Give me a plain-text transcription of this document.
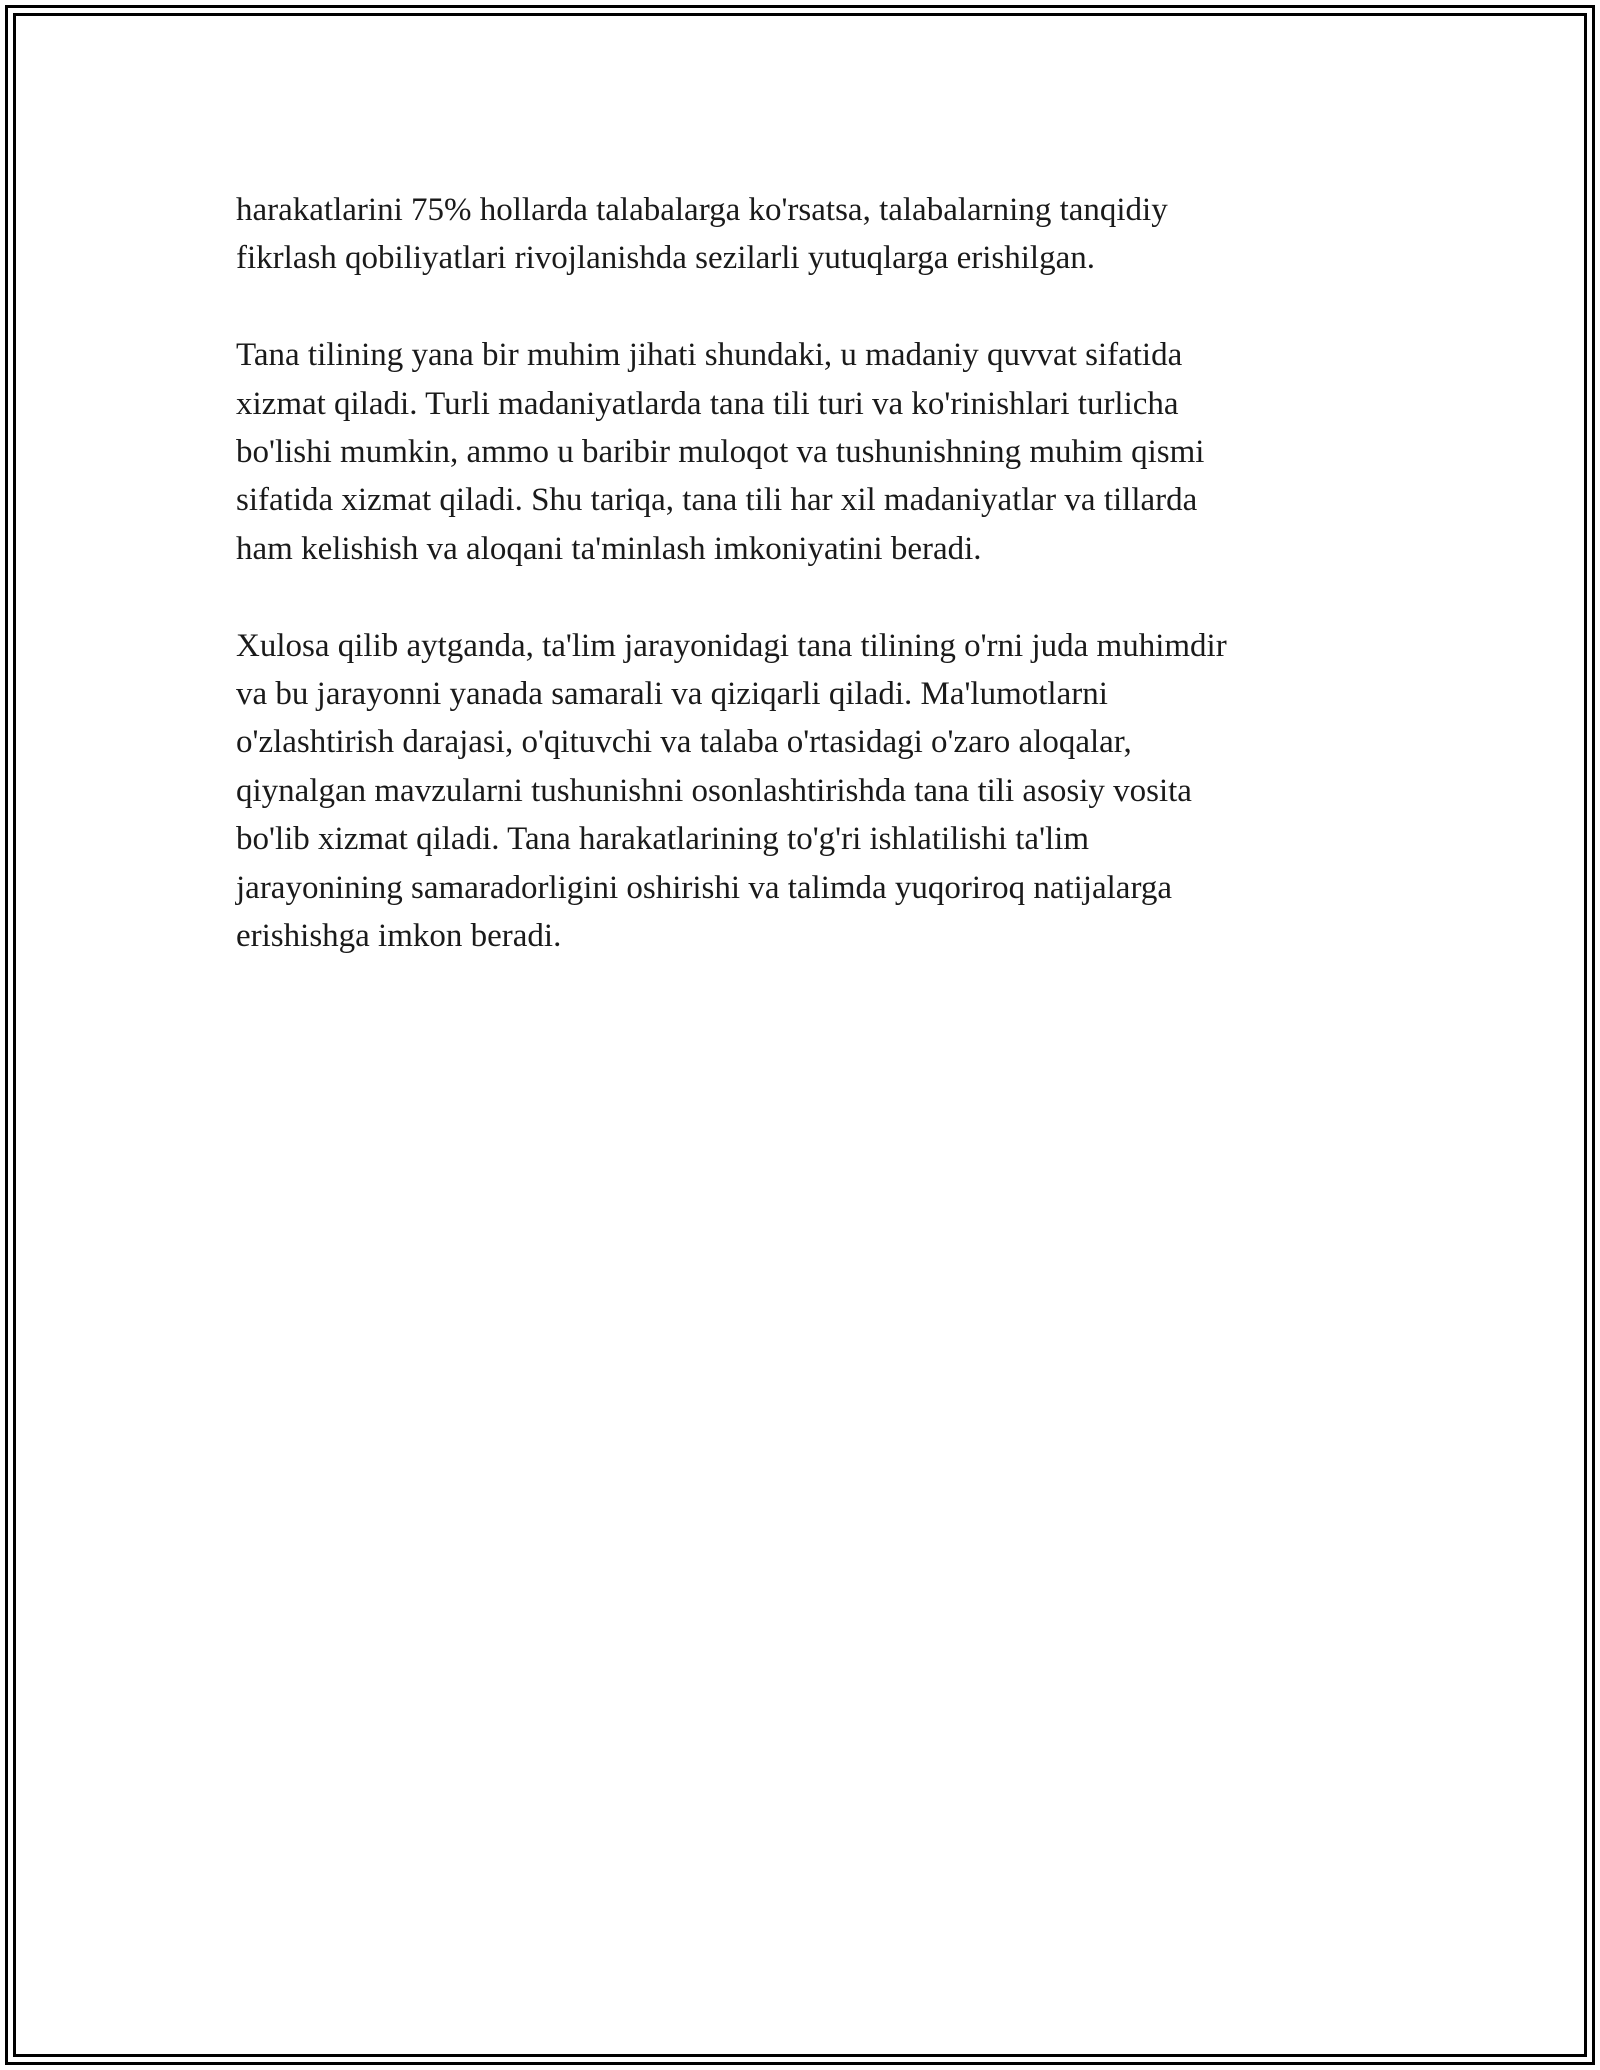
harakatlarini 75% hollarda talabalarga ko'rsatsa, talabalarning tanqidiy
fikrlash qobiliyatlari rivojlanishda sezilarli yutuqlarga erishilgan.

Tana tilining yana bir muhim jihati shundaki, u madaniy quvvat sifatida
xizmat qiladi. Turli madaniyatlarda tana tili turi va ko'rinishlari turlicha
bo'lishi mumkin, ammo u baribir muloqot va tushunishning muhim qismi
sifatida xizmat qiladi. Shu tariqa, tana tili har xil madaniyatlar va tillarda
ham kelishish va aloqani ta'minlash imkoniyatini beradi.

Xulosa qilib aytganda, ta'lim jarayonidagi tana tilining o'rni juda muhimdir
va bu jarayonni yanada samarali va qiziqarli qiladi. Ma'lumotlarni
o'zlashtirish darajasi, o'qituvchi va talaba o'rtasidagi o'zaro aloqalar,
qiynalgan mavzularni tushunishni osonlashtirishda tana tili asosiy vosita
bo'lib xizmat qiladi. Tana harakatlarining to'g'ri ishlatilishi ta'lim
jarayonining samaradorligini oshirishi va talimda yuqoriroq natijalarga
erishishga imkon beradi.
